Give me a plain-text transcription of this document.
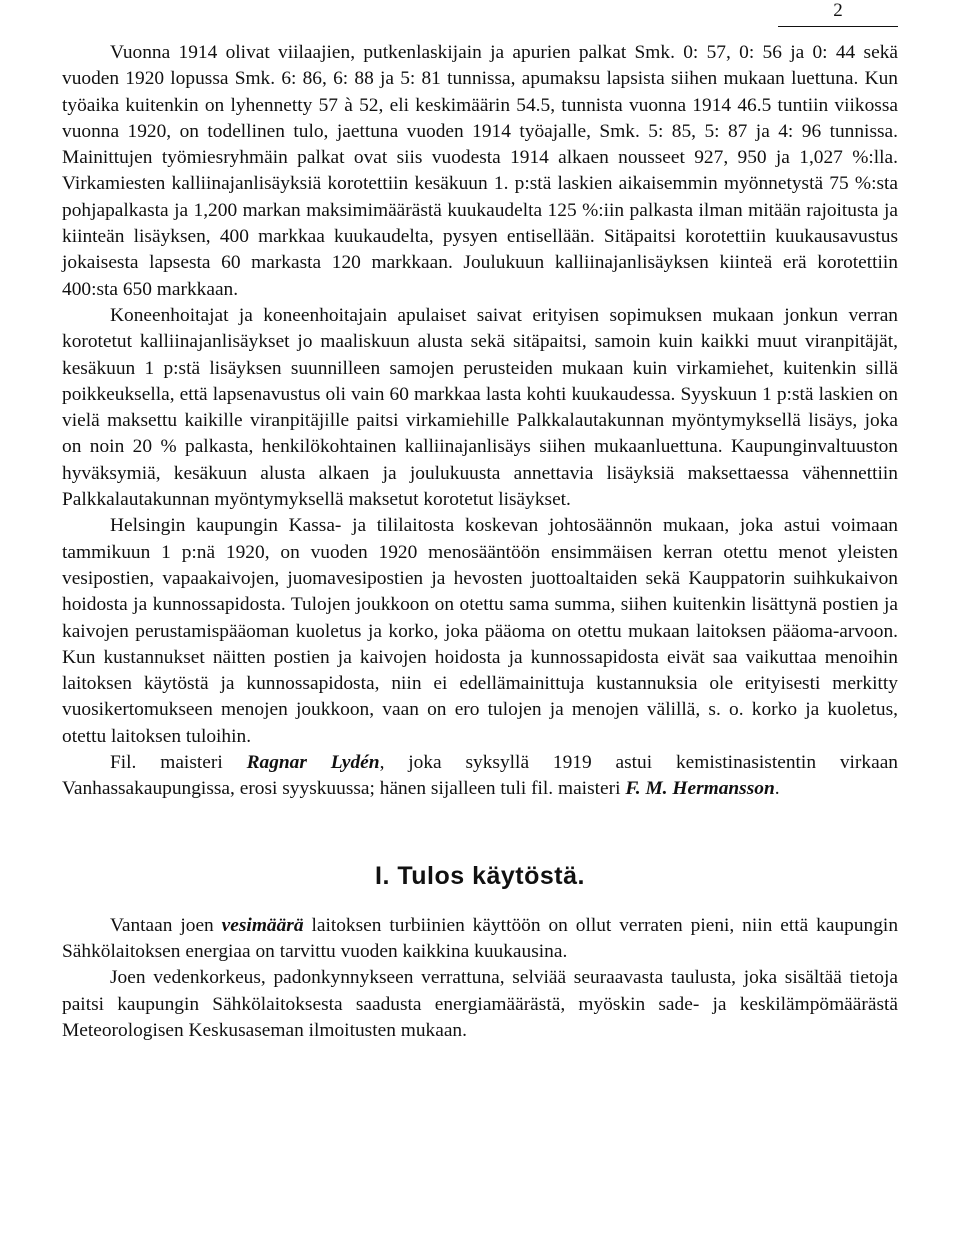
2

Vuonna 1914 olivat viilaajien, putkenlaskijain ja apurien palkat Smk. 0: 57, 0: 56 ja 0: 44 sekä vuoden 1920 lopussa Smk. 6: 86, 6: 88 ja 5: 81 tunnissa, apumaksu lapsista siihen mukaan luettuna. Kun työaika kuitenkin on lyhennetty 57 à 52, eli keskimäärin 54.5, tunnista vuonna 1914 46.5 tuntiin viikossa vuonna 1920, on todellinen tulo, jaettuna vuoden 1914 työajalle, Smk. 5: 85, 5: 87 ja 4: 96 tunnissa. Mainittujen työmiesryhmäin palkat ovat siis vuodesta 1914 alkaen nousseet 927, 950 ja 1,027 %:lla. Virkamiesten kalliinajanlisäyksiä korotettiin kesäkuun 1. p:stä laskien aikaisemmin myönnetystä 75 %:sta pohjapalkasta ja 1,200 markan maksimimäärästä kuukaudelta 125 %:iin palkasta ilman mitään rajoitusta ja kiinteän lisäyksen, 400 markkaa kuukaudelta, pysyen entisellään. Sitäpaitsi korotettiin kuukausavustus jokaisesta lapsesta 60 markasta 120 markkaan. Joulukuun kalliinajanlisäyksen kiinteä erä korotettiin 400:sta 650 markkaan.

Koneenhoitajat ja koneenhoitajain apulaiset saivat erityisen sopimuksen mukaan jonkun verran korotetut kalliinajanlisäykset jo maaliskuun alusta sekä sitäpaitsi, samoin kuin kaikki muut viranpitäjät, kesäkuun 1 p:stä lisäyksen suunnilleen samojen perusteiden mukaan kuin virkamiehet, kuitenkin sillä poikkeuksella, että lapsenavustus oli vain 60 markkaa lasta kohti kuukaudessa. Syyskuun 1 p:stä laskien on vielä maksettu kaikille viranpitäjille paitsi virkamiehille Palkkalautakunnan myöntymyksellä lisäys, joka on noin 20 % palkasta, henkilökohtainen kalliinajanlisäys siihen mukaanluettuna. Kaupunginvaltuuston hyväksymiä, kesäkuun alusta alkaen ja joulukuusta annettavia lisäyksiä maksettaessa vähennettiin Palkkalautakunnan myöntymyksellä maksetut korotetut lisäykset.

Helsingin kaupungin Kassa- ja tililaitosta koskevan johtosäännön mukaan, joka astui voimaan tammikuun 1 p:nä 1920, on vuoden 1920 menosääntöön ensimmäisen kerran otettu menot yleisten vesipostien, vapaakaivojen, juomavesipostien ja hevosten juottoaltaiden sekä Kauppatorin suihkukaivon hoidosta ja kunnossapidosta. Tulojen joukkoon on otettu sama summa, siihen kuitenkin lisättynä postien ja kaivojen perustamispääoman kuoletus ja korko, joka pääoma on otettu mukaan laitoksen pääoma-arvoon. Kun kustannukset näitten postien ja kaivojen hoidosta ja kunnossapidosta eivät saa vaikuttaa menoihin laitoksen käytöstä ja kunnossapidosta, niin ei edellämainittuja kustannuksia ole erityisesti merkitty vuosikertomukseen menojen joukkoon, vaan on ero tulojen ja menojen välillä, s. o. korko ja kuoletus, otettu laitoksen tuloihin.

Fil. maisteri Ragnar Lydén, joka syksyllä 1919 astui kemistinasistentin virkaan Vanhassakaupungissa, erosi syyskuussa; hänen sijalleen tuli fil. maisteri F. M. Hermansson.

I. Tulos käytöstä.

Vantaan joen vesimäärä laitoksen turbiinien käyttöön on ollut verraten pieni, niin että kaupungin Sähkölaitoksen energiaa on tarvittu vuoden kaikkina kuukausina.

Joen vedenkorkeus, padonkynnykseen verrattuna, selviää seuraavasta taulusta, joka sisältää tietoja paitsi kaupungin Sähkölaitoksesta saadusta energiamäärästä, myöskin sade- ja keskilämpömäärästä Meteorologisen Keskusaseman ilmoitusten mukaan.
